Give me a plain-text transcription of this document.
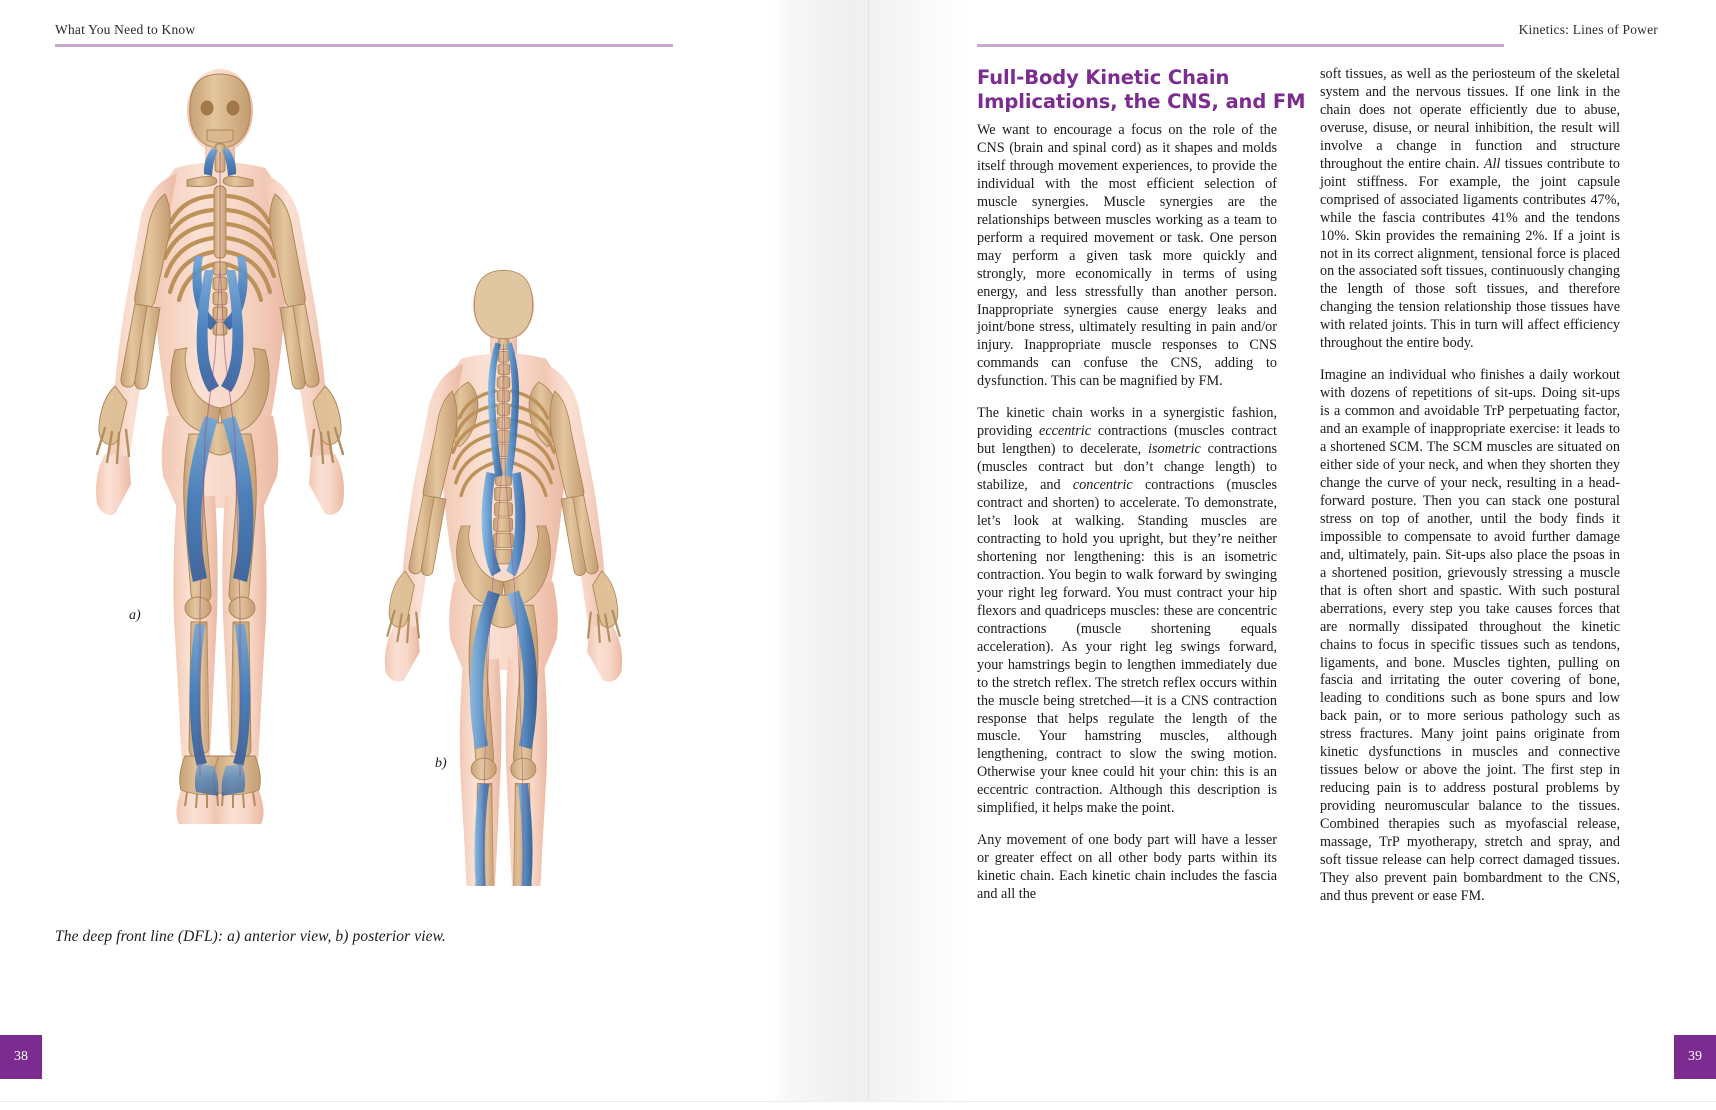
What You Need to Know
a)
b)
The deep front line (DFL): a) anterior view, b) posterior view.
38
Kinetics: Lines of Power
Full-Body Kinetic Chain Implications, the CNS, and FM

We want to encourage a focus on the role of the CNS (brain and spinal cord) as it shapes and molds itself through movement experiences, to provide the individual with the most efficient selection of muscle synergies. Muscle synergies are the relationships between muscles working as a team to perform a required movement or task. One person may perform a given task more quickly and strongly, more economically in terms of using energy, and less stressfully than another person. Inappropriate synergies cause energy leaks and joint/bone stress, ultimately resulting in pain and/or injury. Inappropriate muscle responses to CNS commands can confuse the CNS, adding to dysfunction. This can be magnified by FM.

The kinetic chain works in a synergistic fashion, providing eccentric contractions (muscles contract but lengthen) to decelerate, isometric contractions (muscles contract but don’t change length) to stabilize, and concentric contractions (muscles contract and shorten) to accelerate. To demonstrate, let’s look at walking. Standing muscles are contracting to hold you upright, but they’re neither shortening nor lengthening: this is an isometric contraction. You begin to walk forward by swinging your right leg forward. You must contract your hip flexors and quadriceps muscles: these are concentric contractions (muscle shortening equals acceleration). As your right leg swings forward, your hamstrings begin to lengthen immediately due to the stretch reflex. The stretch reflex occurs within the muscle being stretched—it is a CNS contraction response that helps regulate the length of the muscle. Your hamstring muscles, although lengthening, contract to slow the swing motion. Otherwise your knee could hit your chin: this is an eccentric contraction. Although this description is simplified, it helps make the point.

Any movement of one body part will have a lesser or greater effect on all other body parts within its kinetic chain. Each kinetic chain includes the fascia and all the

soft tissues, as well as the periosteum of the skeletal system and the nervous tissues. If one link in the chain does not operate efficiently due to abuse, overuse, disuse, or neural inhibition, the result will involve a change in function and structure throughout the entire chain. All tissues contribute to joint stiffness. For example, the joint capsule comprised of associated ligaments contributes 47%, while the fascia contributes 41% and the tendons 10%. Skin provides the remaining 2%. If a joint is not in its correct alignment, tensional force is placed on the associated soft tissues, continuously changing the length of those soft tissues, and therefore changing the tension relationship those tissues have with related joints. This in turn will affect efficiency throughout the entire body.

Imagine an individual who finishes a daily workout with dozens of repetitions of sit-ups. Doing sit-ups is a common and avoidable TrP perpetuating factor, and an example of inappropriate exercise: it leads to a shortened SCM. The SCM muscles are situated on either side of your neck, and when they shorten they change the curve of your neck, resulting in a head-forward posture. Then you can stack one postural stress on top of another, until the body finds it impossible to compensate to avoid further damage and, ultimately, pain. Sit-ups also place the psoas in a shortened position, grievously stressing a muscle that is often short and spastic. With such postural aberrations, every step you take causes forces that are normally dissipated throughout the kinetic chains to focus in specific tissues such as tendons, ligaments, and bone. Muscles tighten, pulling on fascia and irritating the outer covering of bone, leading to conditions such as bone spurs and low back pain, or to more serious pathology such as stress fractures. Many joint pains originate from kinetic dysfunctions in muscles and connective tissues below or above the joint. The first step in reducing pain is to address postural problems by providing neuromuscular balance to the tissues. Combined therapies such as myofascial release, massage, TrP myotherapy, stretch and spray, and soft tissue release can help correct damaged tissues. They also prevent pain bombardment to the CNS, and thus prevent or ease FM.

39
